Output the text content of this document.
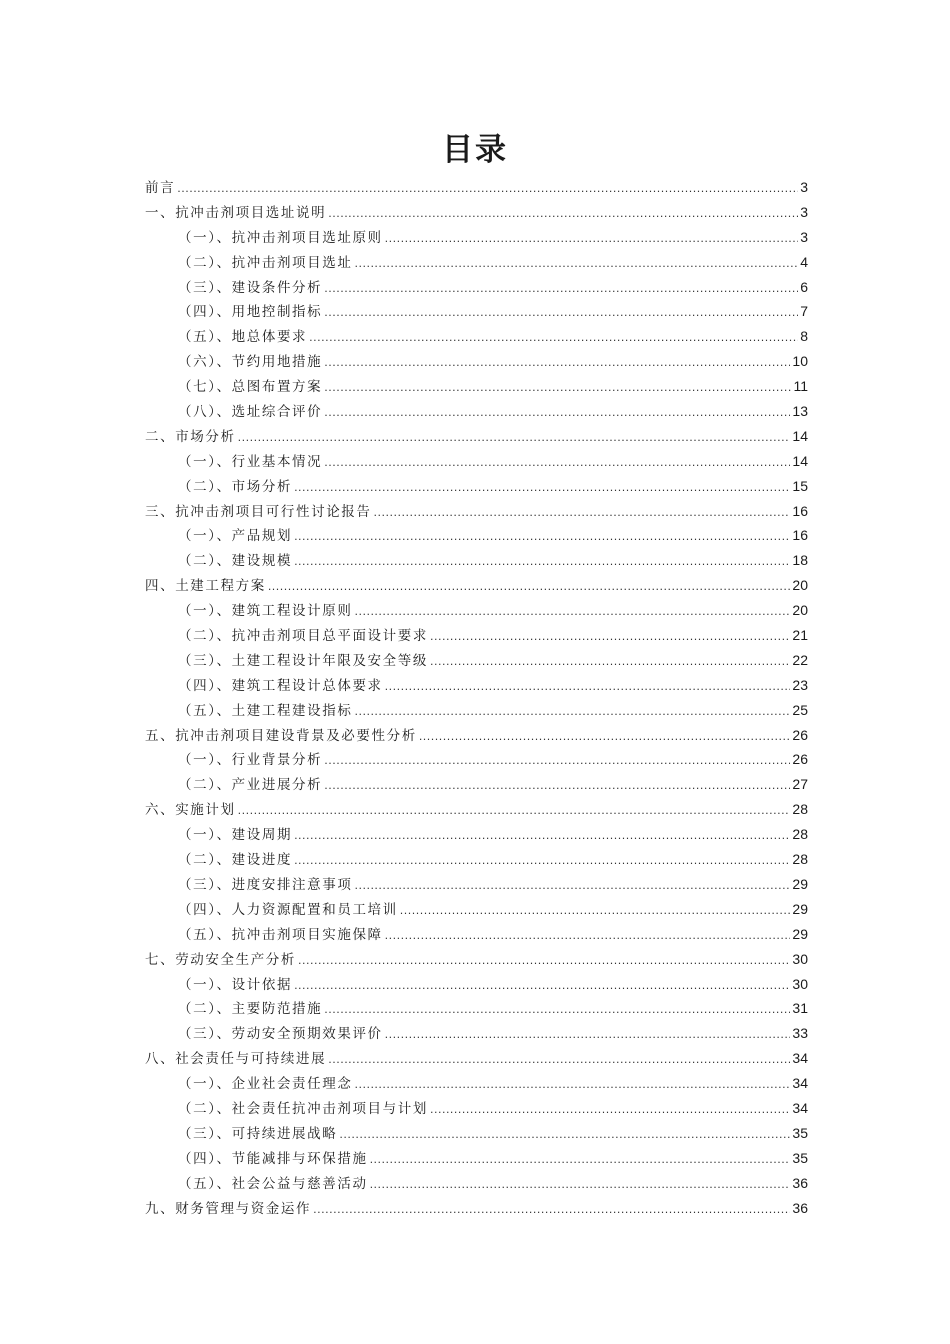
目录
前言 .....	3
一、抗冲击剂项目选址说明 .....	3
（一）、抗冲击剂项目选址原则 .....	3
（二）、抗冲击剂项目选址 .....	4
（三）、建设条件分析 .....	6
（四）、用地控制指标 .....	7
（五）、地总体要求 .....	8
（六）、节约用地措施 .....	10
（七）、总图布置方案 .....	11
（八）、选址综合评价 .....	13
二、市场分析 .....	14
（一）、行业基本情况 .....	14
（二）、市场分析 .....	15
三、抗冲击剂项目可行性讨论报告 .....	16
（一）、产品规划 .....	16
（二）、建设规模 .....	18
四、土建工程方案 .....	20
（一）、建筑工程设计原则 .....	20
（二）、抗冲击剂项目总平面设计要求 .....	21
（三）、土建工程设计年限及安全等级 .....	22
（四）、建筑工程设计总体要求 .....	23
（五）、土建工程建设指标 .....	25
五、抗冲击剂项目建设背景及必要性分析 .....	26
（一）、行业背景分析 .....	26
（二）、产业进展分析 .....	27
六、实施计划 .....	28
（一）、建设周期 .....	28
（二）、建设进度 .....	28
（三）、进度安排注意事项 .....	29
（四）、人力资源配置和员工培训 .....	29
（五）、抗冲击剂项目实施保障 .....	29
七、劳动安全生产分析 .....	30
（一）、设计依据 .....	30
（二）、主要防范措施 .....	31
（三）、劳动安全预期效果评价 .....	33
八、社会责任与可持续进展 .....	34
（一）、企业社会责任理念 .....	34
（二）、社会责任抗冲击剂项目与计划 .....	34
（三）、可持续进展战略 .....	35
（四）、节能减排与环保措施 .....	35
（五）、社会公益与慈善活动 .....	36
九、财务管理与资金运作 .....	36
